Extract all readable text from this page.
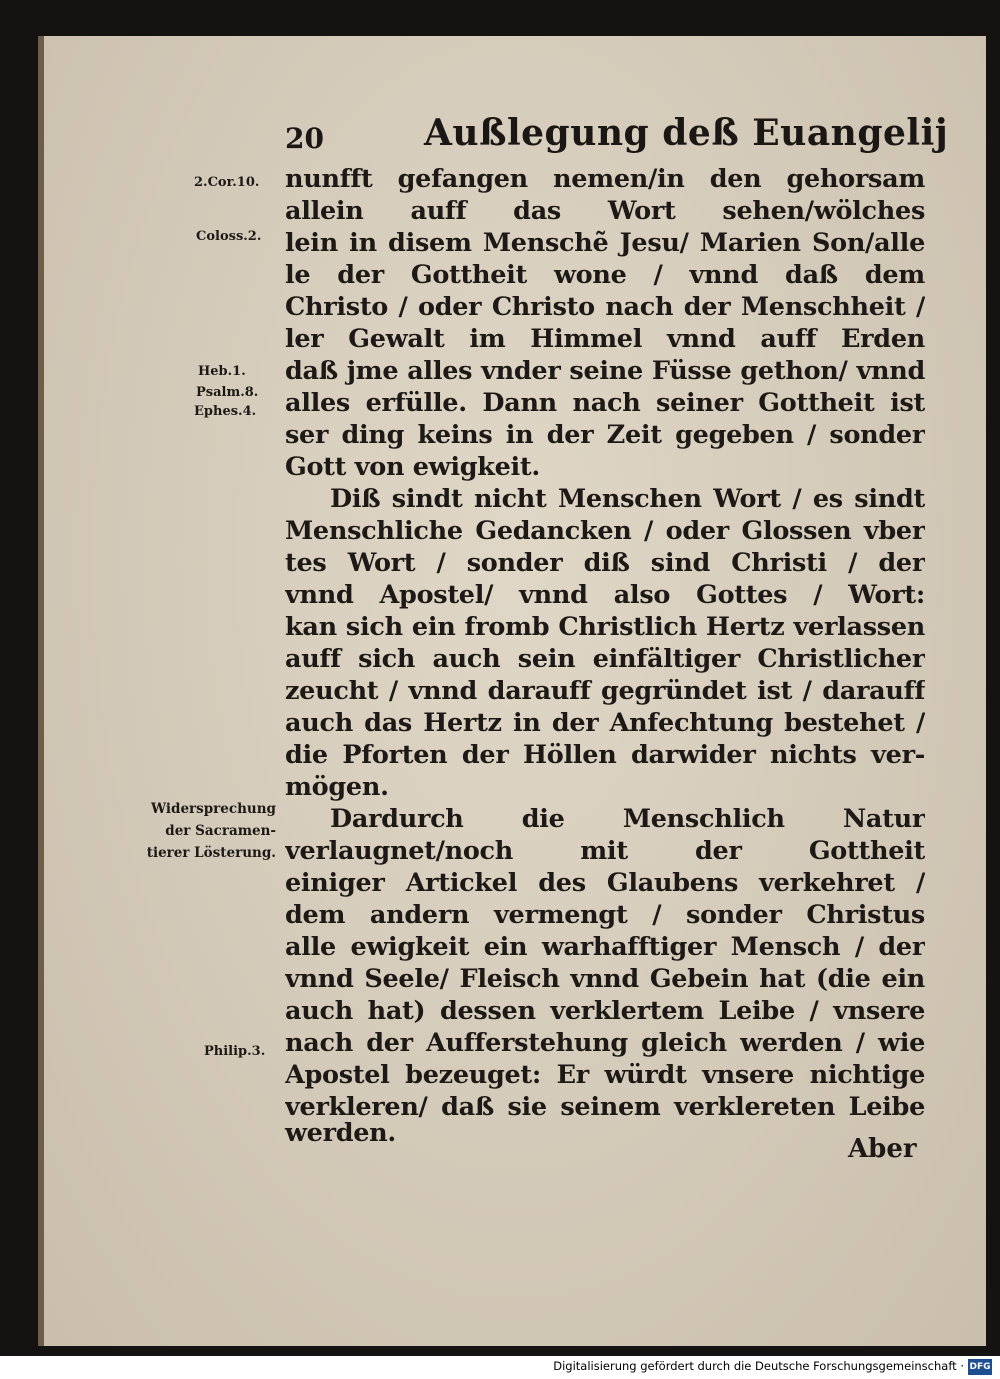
20	Außlegung deß Euangelij
2.Cor.10.
Coloss.2.
Heb.1.
Psalm.8.
Ephes.4.
Widersprechung
der Sacramen-
tierer Lösterung.
Philip.3.
nunfft gefangen nemen/in den gehorsam
allein auff das Wort sehen/wölches
lein in disem Menschẽ Jesu/ Marien Son/alle
le der Gottheit wone / vnnd daß dem
Christo / oder Christo nach der Menschheit /
ler Gewalt im Himmel vnnd auff Erden
daß jme alles vnder seine Füsse gethon/ vnnd
alles erfülle. Dann nach seiner Gottheit ist
ser ding keins in der Zeit gegeben / sonder
Gott von ewigkeit.
Diß sindt nicht Menschen Wort / es sindt
Menschliche Gedancken / oder Glossen vber
tes Wort / sonder diß sind Christi / der
vnnd Apostel/ vnnd also Gottes / Wort:
kan sich ein fromb Christlich Hertz verlassen
auff sich auch sein einfältiger Christlicher
zeucht / vnnd darauff gegründet ist / darauff
auch das Hertz in der Anfechtung bestehet /
die Pforten der Höllen darwider nichts ver-
mögen.
Dardurch die Menschlich Natur
verlaugnet/noch mit der Gottheit
einiger Artickel des Glaubens verkehret /
dem andern vermengt / sonder Christus
alle ewigkeit ein warhafftiger Mensch / der
vnnd Seele/ Fleisch vnnd Gebein hat (die ein
auch hat) dessen verklertem Leibe / vnsere
nach der Aufferstehung gleich werden / wie
Apostel bezeuget: Er würdt vnsere nichtige
verkleren/ daß sie seinem verklereten Leibe
werden.
Aber
Digitalisierung gefördert durch die Deutsche Forschungsgemeinschaft · DFG
